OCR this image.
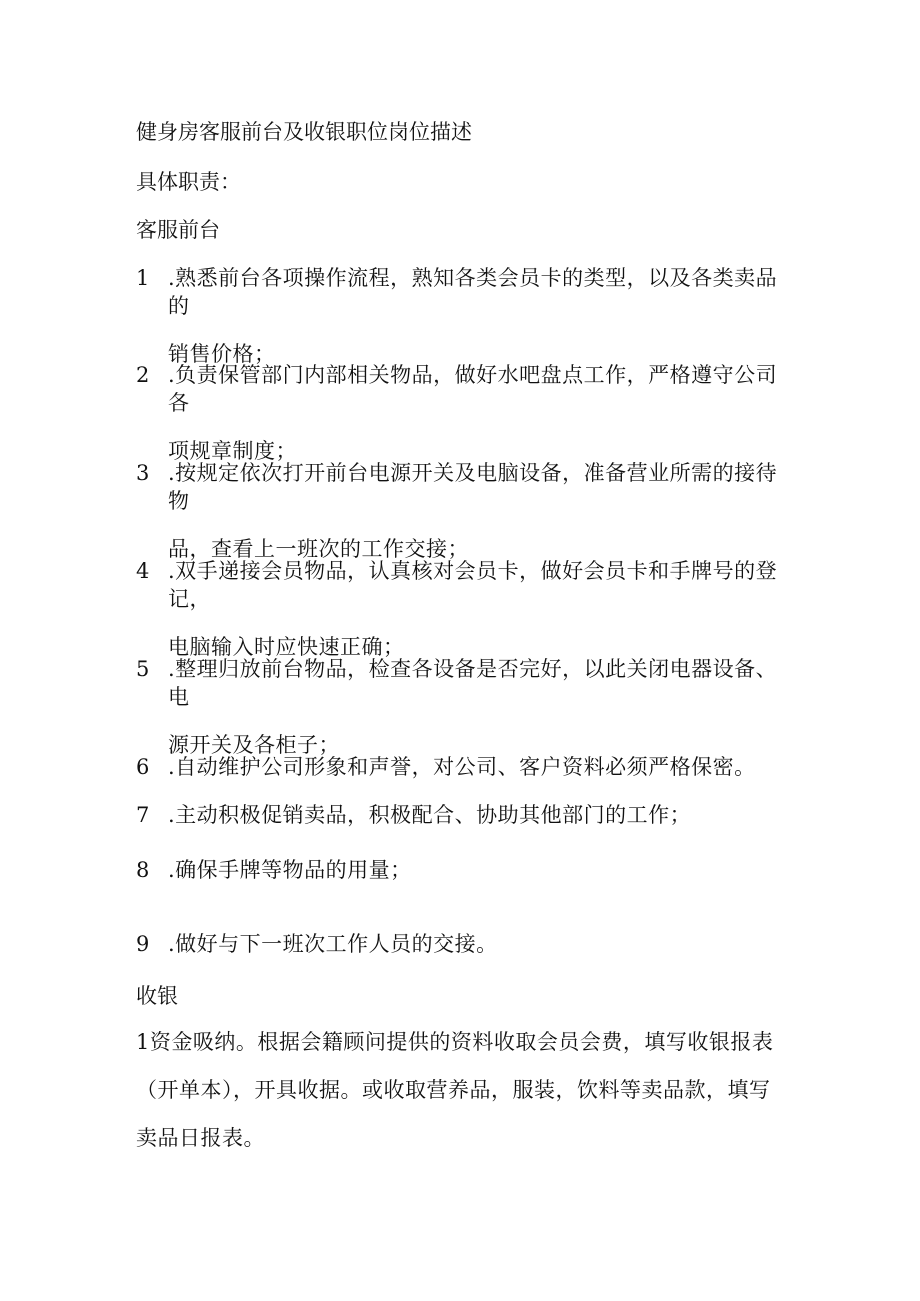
健身房客服前台及收银职位岗位描述
具体职责：
客服前台
1 .熟悉前台各项操作流程，熟知各类会员卡的类型，以及各类卖品的
销售价格；
2 .负责保管部门内部相关物品，做好水吧盘点工作，严格遵守公司各
项规章制度；
3 .按规定依次打开前台电源开关及电脑设备，准备营业所需的接待物
品，查看上一班次的工作交接；
4 .双手递接会员物品，认真核对会员卡，做好会员卡和手牌号的登记，
电脑输入时应快速正确；
5 .整理归放前台物品，检查各设备是否完好，以此关闭电器设备、电
源开关及各柜子；
6 .自动维护公司形象和声誉，对公司、客户资料必须严格保密。
7 .主动积极促销卖品，积极配合、协助其他部门的工作；
8 .确保手牌等物品的用量；
9 .做好与下一班次工作人员的交接。
收银
1资金吸纳。根据会籍顾问提供的资料收取会员会费，填写收银报表
（开单本），开具收据。或收取营养品，服装，饮料等卖品款，填写
卖品日报表。
